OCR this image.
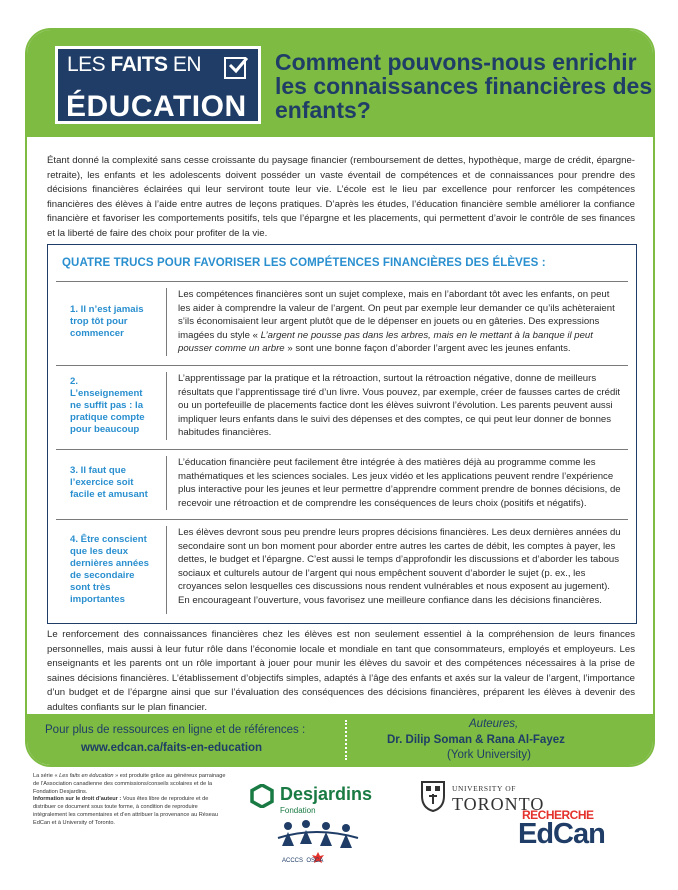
LES FAITS EN
ÉDUCATION
Comment pouvons-nous enrichir les connaissances financières des enfants?
Étant donné la complexité sans cesse croissante du paysage financier (remboursement de dettes, hypothèque, marge de crédit, épargne-retraite), les enfants et les adolescents doivent posséder un vaste éventail de compétences et de connaissances pour prendre des décisions financières éclairées qui leur serviront toute leur vie. L’école est le lieu par excellence pour renforcer les compétences financières des élèves à l’aide entre autres de leçons pratiques. D’après les études, l’éducation financière semble améliorer la confiance financière et favoriser les comportements positifs, tels que l’épargne et les placements, qui permettent d’avoir le contrôle de ses finances et la liberté de faire des choix pour profiter de la vie.
QUATRE TRUCS POUR FAVORISER LES COMPÉTENCES FINANCIÈRES DES ÉLÈVES :
1. Il n’est jamais trop tôt pour commencer
Les compétences financières sont un sujet complexe, mais en l’abordant tôt avec les enfants, on peut les aider à comprendre la valeur de l’argent. On peut par exemple leur demander ce qu’ils achèteraient s’ils économisaient leur argent plutôt que de le dépenser en jouets ou en gâteries. Des expressions imagées du style « L’argent ne pousse pas dans les arbres, mais en le mettant à la banque il peut pousser comme un arbre » sont une bonne façon d’aborder l’argent avec les jeunes enfants.
2. L’enseignement ne suffit pas : la pratique compte pour beaucoup
L’apprentissage par la pratique et la rétroaction, surtout la rétroaction négative, donne de meilleurs résultats que l’apprentissage tiré d’un livre. Vous pouvez, par exemple, créer de fausses cartes de crédit ou un portefeuille de placements factice dont les élèves suivront l’évolution. Les parents peuvent aussi impliquer leurs enfants dans le suivi des dépenses et des comptes, ce qui peut leur donner de bonnes habitudes financières.
3. Il faut que l’exercice soit facile et amusant
L’éducation financière peut facilement être intégrée à des matières déjà au programme comme les mathématiques et les sciences sociales. Les jeux vidéo et les applications peuvent rendre l’expérience plus interactive pour les jeunes et leur permettre d’apprendre comment prendre de bonnes décisions, de recevoir une rétroaction et de comprendre les conséquences de leurs choix (positifs et négatifs).
4. Être conscient que les deux dernières années de secondaire sont très importantes
Les élèves devront sous peu prendre leurs propres décisions financières. Les deux dernières années du secondaire sont un bon moment pour aborder entre autres les cartes de débit, les comptes à payer, les dettes, le budget et l’épargne. C’est aussi le temps d’approfondir les discussions et d’aborder les tabous sociaux et culturels autour de l’argent qui nous empêchent souvent d’aborder le sujet (p. ex., les croyances selon lesquelles ces discussions nous rendent vulnérables et nous exposent au jugement). En encourageant l’ouverture, vous favorisez une meilleure confiance dans les décisions financières.
Le renforcement des connaissances financières chez les élèves est non seulement essentiel à la compréhension de leurs finances personnelles, mais aussi à leur futur rôle dans l’économie locale et mondiale en tant que consommateurs, employés et employeurs. Les enseignants et les parents ont un rôle important à jouer pour munir les élèves du savoir et des compétences nécessaires à la prise de saines décisions financières. L’établissement d’objectifs simples, adaptés à l’âge des enfants et axés sur la valeur de l’argent, l’importance d’un budget et de l’épargne ainsi que sur l’évaluation des conséquences des décisions financières, préparent les élèves à devenir des adultes confiants sur le plan financier.
Pour plus de ressources en ligne et de références :
www.edcan.ca/faits-en-education
Auteures,
Dr. Dilip Soman & Rana Al-Fayez
(York University)
La série « Les faits en éducation » est produite grâce au généreux parrainage de l’Association canadienne des commissions/conseils scolaires et de la Fondation Desjardins.
Information sur le droit d’auteur : Vous êtes libre de reproduire et de distribuer ce document sous toute forme, à condition de reproduire intégralement les commentaires et d’en attribuer la provenance au Réseau EdCan et à University of Toronto.
Desjardins
Fondation
ACCCS  OSCA
UNIVERSITY OF
TORONTO
RECHERCHE
EdCan
